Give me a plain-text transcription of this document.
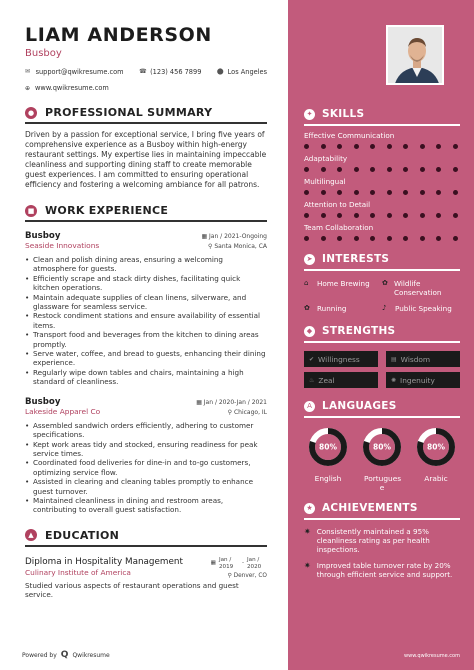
LIAM ANDERSON
Busboy
✉ support@qwikresume.com	☎ (123) 456 7899	⬤ Los Angeles
⊕ www.qwikresume.com
● PROFESSIONAL SUMMARY

Driven by a passion for exceptional service, I bring five years of comprehensive experience as a Busboy within high-energy restaurant settings. My expertise lies in maintaining impeccable cleanliness and supporting dining staff to create memorable guest experiences. I am committed to ensuring operational efficiency and fostering a welcoming ambiance for all patrons.

■ WORK EXPERIENCE
Busboy	▦ Jan / 2021-Ongoing
Seaside Innovations	⚲ Santa Monica, CA
• Clean and polish dining areas, ensuring a welcoming atmosphere for guests.
• Efficiently scrape and stack dirty dishes, facilitating quick kitchen operations.
• Maintain adequate supplies of clean linens, silverware, and glassware for seamless service.
• Restock condiment stations and ensure availability of essential items.
• Transport food and beverages from the kitchen to dining areas promptly.
• Serve water, coffee, and bread to guests, enhancing their dining experience.
• Regularly wipe down tables and chairs, maintaining a high standard of cleanliness.
Busboy	▦ Jan / 2020-Jan / 2021
Lakeside Apparel Co	⚲ Chicago, IL
• Assembled sandwich orders efficiently, adhering to customer specifications.
• Kept work areas tidy and stocked, ensuring readiness for peak service times.
• Coordinated food deliveries for dine-in and to-go customers, optimizing service flow.
• Assisted in clearing and cleaning tables promptly to enhance guest turnover.
• Maintained cleanliness in dining and restroom areas, contributing to overall guest satisfaction.
▲	EDUCATION
Diploma in Hospitality Management
Culinary Institute of America
▦
Jan / 2019
-
Jan / 2020
⚲ Denver, CO
Studied various aspects of restaurant operations and guest service.
Powered by Q Qwikresume
✦ SKILLS
Effective Communication
Adaptability
Multilingual
Attention to Detail
Team Collaboration
➤ INTERESTS
⌂	Home Brewing ✿ Wildlife Conservation
✿ Running	♪	Public Speaking
◆ STRENGTHS
✔ Willingness	▤ Wisdom
♨ Zeal	✺ Ingenuity
A LANGUAGES
80%
English
80%
Portugues e
80%
Arabic
★ ACHIEVEMENTS
✷ Consistently maintained a 95% cleanliness rating as per health inspections.
✷ Improved table turnover rate by 20% through efficient service and support.
www.qwikresume.com
